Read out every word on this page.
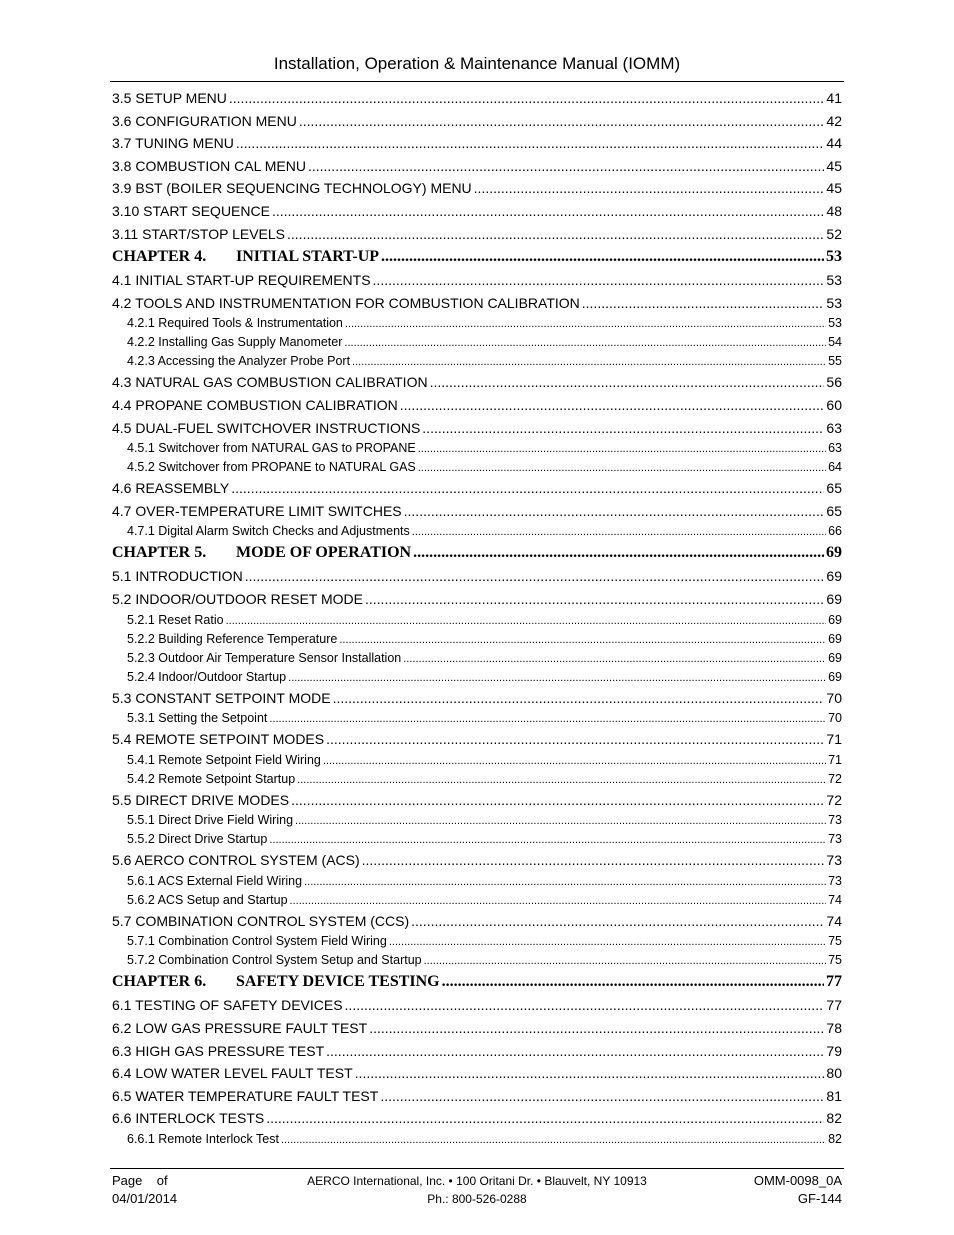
Installation, Operation & Maintenance Manual (IOMM)
3.5 SETUP MENU .....	41
3.6 CONFIGURATION MENU .....	42
3.7 TUNING MENU .....	44
3.8 COMBUSTION CAL MENU .....	45
3.9 BST (BOILER SEQUENCING TECHNOLOGY) MENU .....	45
3.10 START SEQUENCE .....	48
3.11 START/STOP LEVELS .....	52
CHAPTER 4. INITIAL START-UP .....	53
4.1 INITIAL START-UP REQUIREMENTS .....	53
4.2 TOOLS AND INSTRUMENTATION FOR COMBUSTION CALIBRATION .....	53
4.2.1 Required Tools & Instrumentation .....	53
4.2.2 Installing Gas Supply Manometer .....	54
4.2.3 Accessing the Analyzer Probe Port .....	55
4.3 NATURAL GAS COMBUSTION CALIBRATION .....	56
4.4 PROPANE COMBUSTION CALIBRATION .....	60
4.5 DUAL-FUEL SWITCHOVER INSTRUCTIONS .....	63
4.5.1 Switchover from NATURAL GAS to PROPANE .....	63
4.5.2 Switchover from PROPANE to NATURAL GAS .....	64
4.6 REASSEMBLY .....	65
4.7 OVER-TEMPERATURE LIMIT SWITCHES .....	65
4.7.1 Digital Alarm Switch Checks and Adjustments .....	66
CHAPTER 5. MODE OF OPERATION .....	69
5.1 INTRODUCTION .....	69
5.2 INDOOR/OUTDOOR RESET MODE .....	69
5.2.1 Reset Ratio .....	69
5.2.2 Building Reference Temperature .....	69
5.2.3 Outdoor Air Temperature Sensor Installation .....	69
5.2.4 Indoor/Outdoor Startup .....	69
5.3 CONSTANT SETPOINT MODE .....	70
5.3.1 Setting the Setpoint .....	70
5.4 REMOTE SETPOINT MODES .....	71
5.4.1 Remote Setpoint Field Wiring .....	71
5.4.2 Remote Setpoint Startup .....	72
5.5 DIRECT DRIVE MODES .....	72
5.5.1 Direct Drive Field Wiring .....	73
5.5.2 Direct Drive Startup .....	73
5.6 AERCO CONTROL SYSTEM (ACS) .....	73
5.6.1 ACS External Field Wiring .....	73
5.6.2 ACS Setup and Startup .....	74
5.7 COMBINATION CONTROL SYSTEM (CCS) .....	74
5.7.1 Combination Control System Field Wiring .....	75
5.7.2 Combination Control System Setup and Startup .....	75
CHAPTER 6. SAFETY DEVICE TESTING .....	77
6.1 TESTING OF SAFETY DEVICES .....	77
6.2 LOW GAS PRESSURE FAULT TEST .....	78
6.3 HIGH GAS PRESSURE TEST .....	79
6.4 LOW WATER LEVEL FAULT TEST .....	80
6.5 WATER TEMPERATURE FAULT TEST .....	81
6.6 INTERLOCK TESTS .....	82
6.6.1 Remote Interlock Test .....	82
Page    of
04/01/2014
AERCO International, Inc. • 100 Oritani Dr. • Blauvelt, NY 10913
Ph.: 800-526-0288
OMM-0098_0A
GF-144
